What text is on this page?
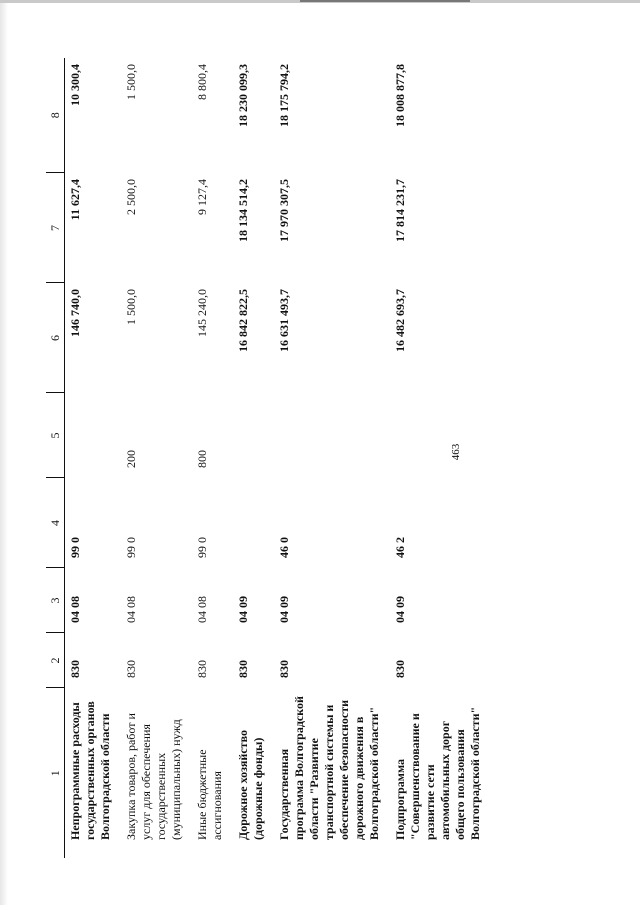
463
1	2	3	4	5	6	7	8
Непрограммные расходы государственных органов Волгоградской области	830	04 08	99 0		146 740,0	11 627,4	10 300,4
Закупка товаров, работ и услуг для обеспечения государственных (муниципальных) нужд	830	04 08	99 0	200	1 500,0	2 500,0	1 500,0
Иные бюджетные ассигнования	830	04 08	99 0	800	145 240,0	9 127,4	8 800,4
Дорожное хозяйство (дорожные фонды)	830	04 09			16 842 822,5	18 134 514,2	18 230 099,3
Государственная программа Волгоградской области "Развитие транспортной системы и обеспечение безопасности дорожного движения в Волгоградской области"	830	04 09	46 0		16 631 493,7	17 970 307,5	18 175 794,2
Подпрограмма "Совершенствование и развитие сети автомобильных дорог общего пользования Волгоградской области"	830	04 09	46 2		16 482 693,7	17 814 231,7	18 008 877,8
